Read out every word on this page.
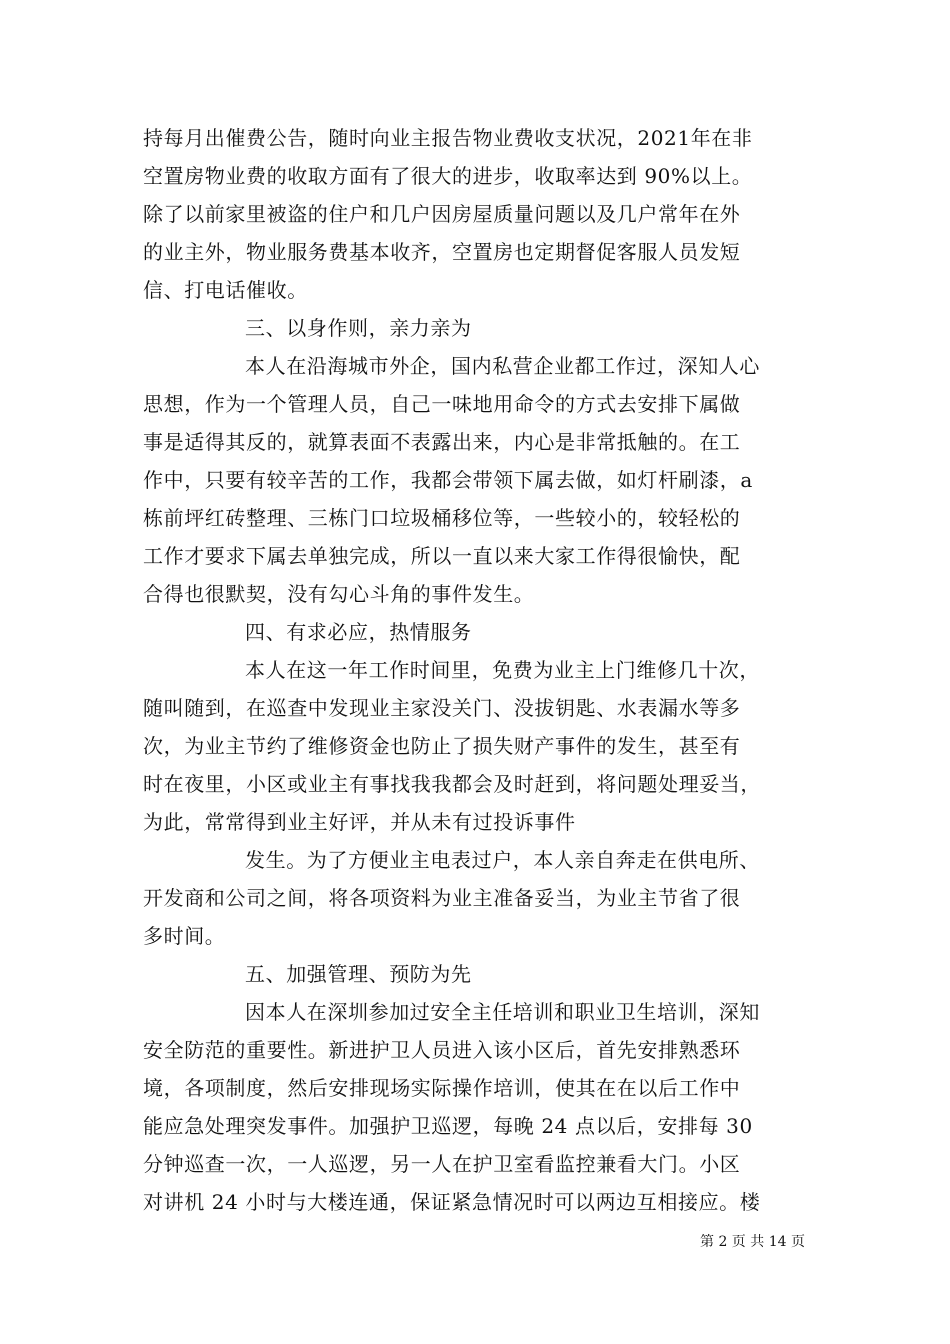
持每月出催费公告，随时向业主报告物业费收支状况，2021年在非
空置房物业费的收取方面有了很大的进步，收取率达到 90%以上。
除了以前家里被盗的住户和几户因房屋质量问题以及几户常年在外
的业主外，物业服务费基本收齐，空置房也定期督促客服人员发短
信、打电话催收。
三、以身作则，亲力亲为
本人在沿海城市外企，国内私营企业都工作过，深知人心
思想，作为一个管理人员，自己一味地用命令的方式去安排下属做
事是适得其反的，就算表面不表露出来，内心是非常抵触的。在工
作中，只要有较辛苦的工作，我都会带领下属去做，如灯杆刷漆，a
栋前坪红砖整理、三栋门口垃圾桶移位等，一些较小的，较轻松的
工作才要求下属去单独完成，所以一直以来大家工作得很愉快，配
合得也很默契，没有勾心斗角的事件发生。
四、有求必应，热情服务
本人在这一年工作时间里，免费为业主上门维修几十次，
随叫随到，在巡查中发现业主家没关门、没拔钥匙、水表漏水等多
次，为业主节约了维修资金也防止了损失财产事件的发生，甚至有
时在夜里，小区或业主有事找我我都会及时赶到，将问题处理妥当，
为此，常常得到业主好评，并从未有过投诉事件
发生。为了方便业主电表过户，本人亲自奔走在供电所、
开发商和公司之间，将各项资料为业主准备妥当，为业主节省了很
多时间。
五、加强管理、预防为先
因本人在深圳参加过安全主任培训和职业卫生培训，深知
安全防范的重要性。新进护卫人员进入该小区后，首先安排熟悉环
境，各项制度，然后安排现场实际操作培训，使其在在以后工作中
能应急处理突发事件。加强护卫巡逻，每晚 24 点以后，安排每 30
分钟巡查一次，一人巡逻，另一人在护卫室看监控兼看大门。小区
对讲机 24 小时与大楼连通，保证紧急情况时可以两边互相接应。楼
第 2 页 共 14 页
